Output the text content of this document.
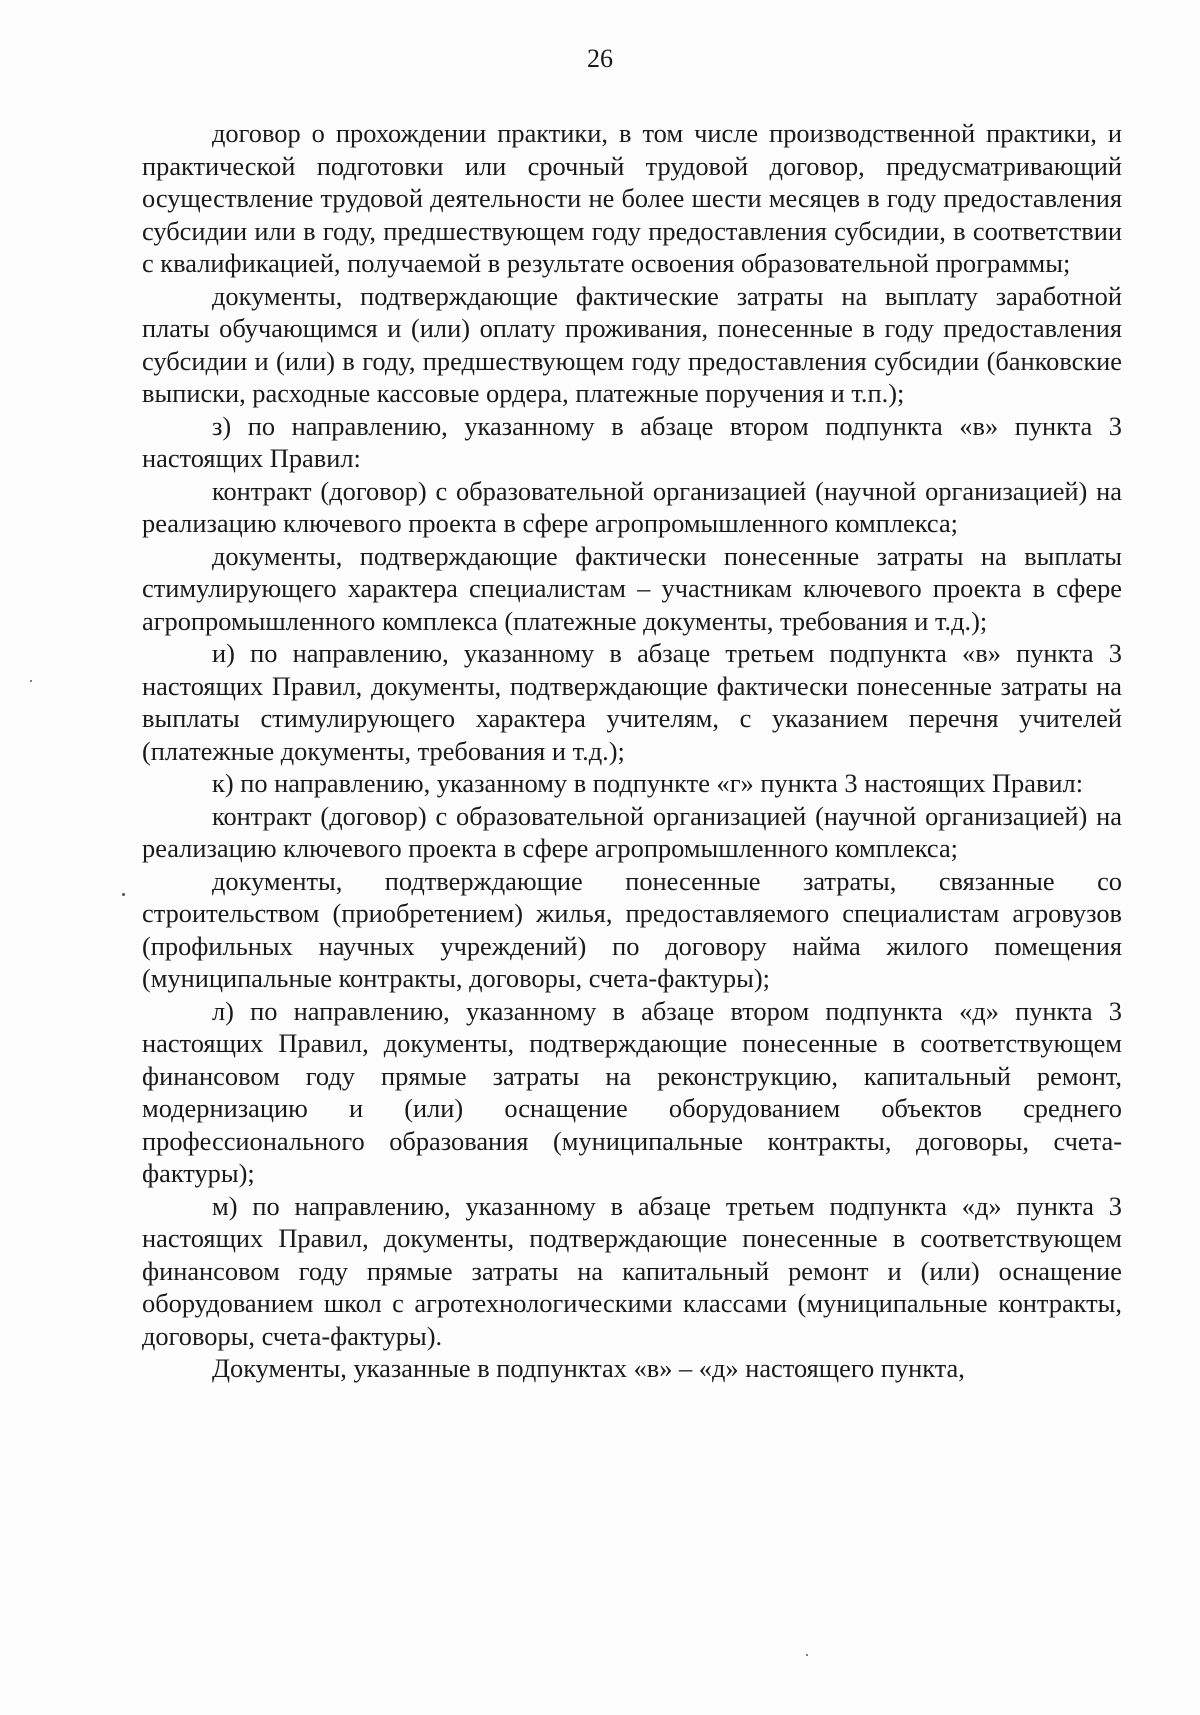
26

договор о прохождении практики, в том числе производственной практики, и практической подготовки или срочный трудовой договор, предусматривающий осуществление трудовой деятельности не более шести месяцев в году предоставления субсидии или в году, предшествующем году предоставления субсидии, в соответствии с квалификацией, получаемой в результате освоения образовательной программы;

документы, подтверждающие фактические затраты на выплату заработной платы обучающимся и (или) оплату проживания, понесенные в году предоставления субсидии и (или) в году, предшествующем году предоставления субсидии (банковские выписки, расходные кассовые ордера, платежные поручения и т.п.);

з) по направлению, указанному в абзаце втором подпункта «в» пункта 3 настоящих Правил:

контракт (договор) с образовательной организацией (научной организацией) на реализацию ключевого проекта в сфере агропромышленного комплекса;

документы, подтверждающие фактически понесенные затраты на выплаты стимулирующего характера специалистам – участникам ключевого проекта в сфере агропромышленного комплекса (платежные документы, требования и т.д.);

и) по направлению, указанному в абзаце третьем подпункта «в» пункта 3 настоящих Правил, документы, подтверждающие фактически понесенные затраты на выплаты стимулирующего характера учителям, с указанием перечня учителей (платежные документы, требования и т.д.);

к) по направлению, указанному в подпункте «г» пункта 3 настоящих Правил:

контракт (договор) с образовательной организацией (научной организацией) на реализацию ключевого проекта в сфере агропромышленного комплекса;

документы, подтверждающие понесенные затраты, связанные со строительством (приобретением) жилья, предоставляемого специалистам агровузов (профильных научных учреждений) по договору найма жилого помещения (муниципальные контракты, договоры, счета-фактуры);

л) по направлению, указанному в абзаце втором подпункта «д» пункта 3 настоящих Правил, документы, подтверждающие понесенные в соответствующем финансовом году прямые затраты на реконструкцию, капитальный ремонт, модернизацию и (или) оснащение оборудованием объектов среднего профессионального образования (муниципальные контракты, договоры, счета-фактуры);

м) по направлению, указанному в абзаце третьем подпункта «д» пункта 3 настоящих Правил, документы, подтверждающие понесенные в соответствующем финансовом году прямые затраты на капитальный ремонт и (или) оснащение оборудованием школ с агротехнологическими классами (муниципальные контракты, договоры, счета-фактуры).

Документы, указанные в подпунктах «в» – «д» настоящего пункта,
